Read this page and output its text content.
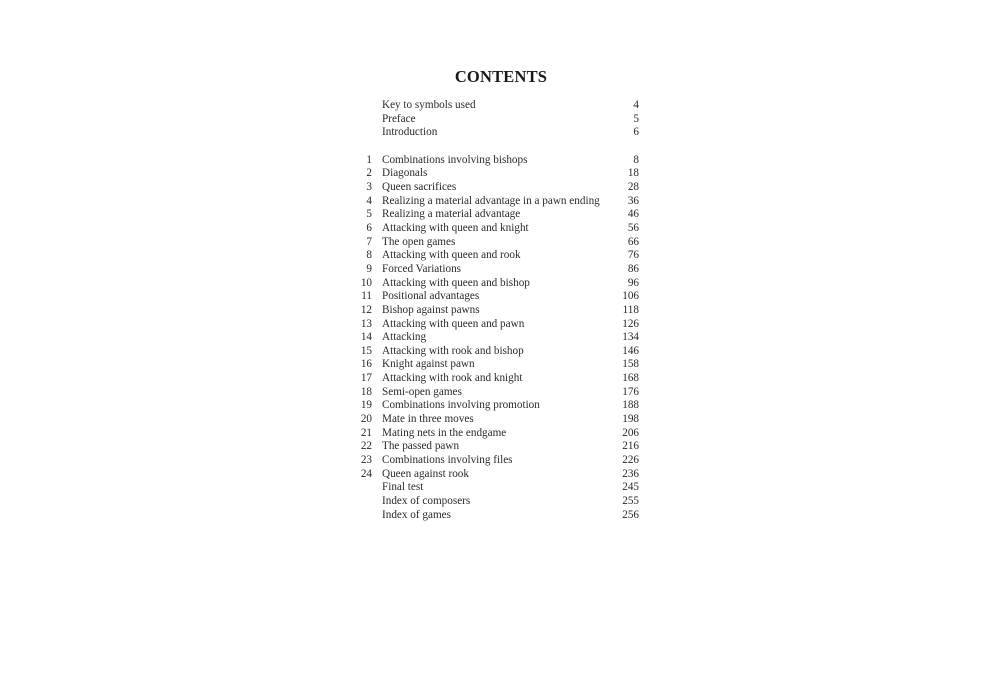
CONTENTS
Key to symbols used	4
Preface	5
Introduction	6
1 Combinations involving bishops	8
2 Diagonals	18
3 Queen sacrifices	28
4 Realizing a material advantage in a pawn ending	36
5 Realizing a material advantage	46
6 Attacking with queen and knight	56
7 The open games	66
8 Attacking with queen and rook	76
9 Forced Variations	86
10 Attacking with queen and bishop	96
11 Positional advantages	106
12 Bishop against pawns	118
13 Attacking with queen and pawn	126
14 Attacking	134
15 Attacking with rook and bishop	146
16 Knight against pawn	158
17 Attacking with rook and knight	168
18 Semi-open games	176
19 Combinations involving promotion	188
20 Mate in three moves	198
21 Mating nets in the endgame	206
22 The passed pawn	216
23 Combinations involving files	226
24 Queen against rook	236
Final test	245
Index of composers	255
Index of games	256
